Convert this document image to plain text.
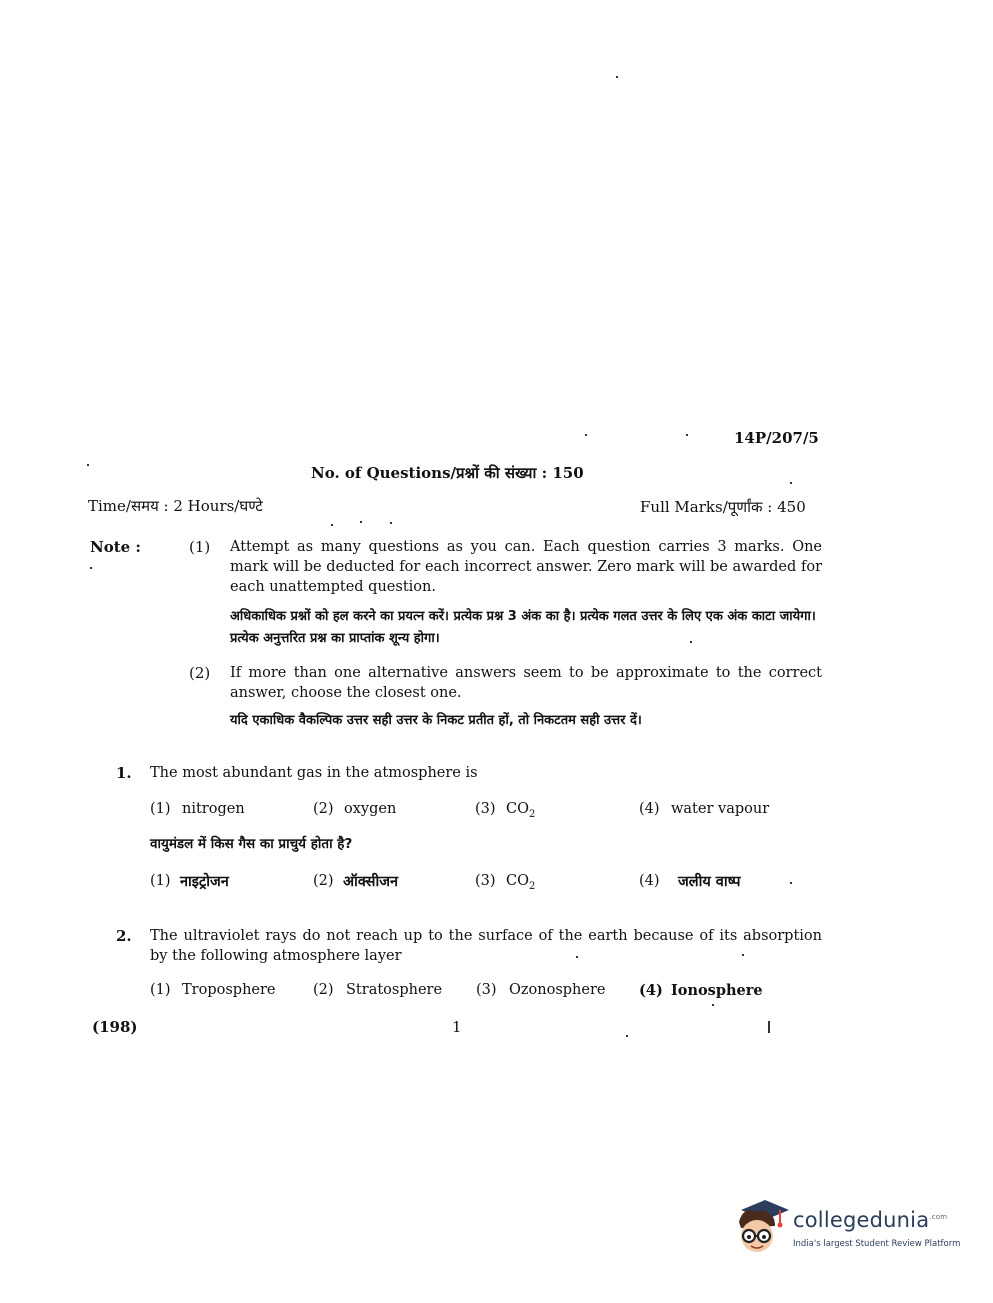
14P/207/5
No. of Questions/प्रश्नों की संख्या : 150
Time/समय : 2 Hours/घण्टे	Full Marks/पूर्णांक : 450
Note :	(1) Attempt as many questions as you can. Each question carries 3 marks. One mark will be deducted for each incorrect answer. Zero mark will be awarded for each unattempted question.
अधिकाधिक प्रश्नों को हल करने का प्रयत्न करें। प्रत्येक प्रश्न 3 अंक का है। प्रत्येक गलत उत्तर के लिए एक अंक काटा जायेगा। प्रत्येक अनुत्तरित प्रश्न का प्राप्तांक शून्य होगा।
(2) If more than one alternative answers seem to be approximate to the correct answer, choose the closest one.
यदि एकाधिक वैकल्पिक उत्तर सही उत्तर के निकट प्रतीत हों, तो निकटतम सही उत्तर दें।
1. The most abundant gas in the atmosphere is
(1) nitrogen	(2) oxygen	(3) $CO_2$	(4) water vapour
वायुमंडल में किस गैस का प्राचुर्य होता है?
(1) नाइट्रोजन	(2) ऑक्सीजन	(3) $CO_2$	(4) जलीय वाष्प
2. The ultraviolet rays do not reach up to the surface of the earth because of its absorption by the following atmosphere layer
(1) Troposphere	(2) Stratosphere (3) Ozonosphere (4) Ionosphere
(198)	1
collegedunia$^{.com}$
India's largest Student Review Platform
